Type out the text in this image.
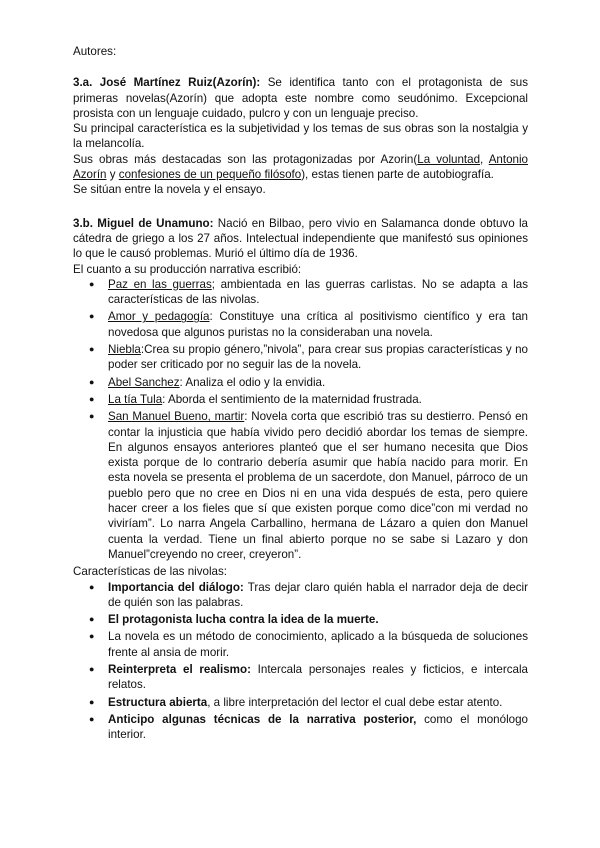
Autores:

3.a. José Martínez Ruiz(Azorín): Se identifica tanto con el protagonista de sus primeras novelas(Azorín) que adopta este nombre como seudónimo. Excepcional prosista con un lenguaje cuidado, pulcro y con un lenguaje preciso.

Su principal característica es la subjetividad y los temas de sus obras son la nostalgia y la melancolía.

Sus obras más destacadas son las protagonizadas por Azorin(La voluntad, Antonio Azorín y confesiones de un pequeño filósofo), estas tienen parte de autobiografía.

Se sitúan entre la novela y el ensayo.

3.b. Miguel de Unamuno: Nació en Bilbao, pero vivio en Salamanca donde obtuvo la cátedra de griego a los 27 años. Intelectual independiente que manifestó sus opiniones lo que le causó problemas. Murió el último día de 1936.

El cuanto a su producción narrativa escribió:

● Paz en las guerras; ambientada en las guerras carlistas. No se adapta a las características de las nivolas.
● Amor y pedagogía: Constituye una crítica al positivismo científico y era tan novedosa que algunos puristas no la consideraban una novela.
● Niebla:Crea su propio género,”nivola”, para crear sus propias características y no poder ser criticado por no seguir las de la novela.
● Abel Sanchez: Analiza el odio y la envidia.
● La tía Tula: Aborda el sentimiento de la maternidad frustrada.
● San Manuel Bueno, martir: Novela corta que escribió tras su destierro. Pensó en contar la injusticia que había vivido pero decidió abordar los temas de siempre. En algunos ensayos anteriores planteó que el ser humano necesita que Dios exista porque de lo contrario debería asumir que había nacido para morir. En esta novela se presenta el problema de un sacerdote, don Manuel, párroco de un pueblo pero que no cree en Dios ni en una vida después de esta, pero quiere hacer creer a los fieles que sí que existen porque como dice”con mi verdad no viviríam”. Lo narra Angela Carballino, hermana de Lázaro a quien don Manuel cuenta la verdad. Tiene un final abierto porque no se sabe si Lazaro y don Manuel”creyendo no creer, creyeron”.

Características de las nivolas:

● Importancia del diálogo: Tras dejar claro quién habla el narrador deja de decir de quién son las palabras.
● El protagonista lucha contra la idea de la muerte.
● La novela es un método de conocimiento, aplicado a la búsqueda de soluciones frente al ansia de morir.
● Reinterpreta el realismo: Intercala personajes reales y ficticios, e intercala relatos.
● Estructura abierta, a libre interpretación del lector el cual debe estar atento.
● Anticipo algunas técnicas de la narrativa posterior, como el monólogo interior.
